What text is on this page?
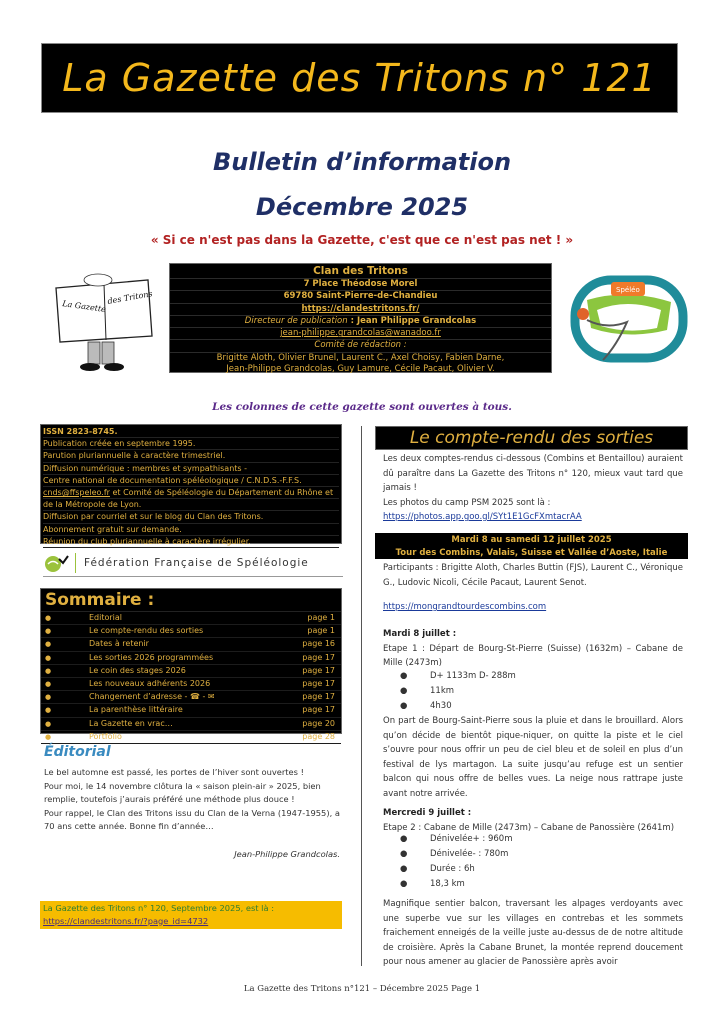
La Gazette des Tritons n° 121
Bulletin d’information
Décembre 2025
« Si ce n'est pas dans la Gazette, c'est que ce n'est pas net ! »
La Gazette
des Tritons
Clan des Tritons
7 Place Théodose Morel
69780 Saint-Pierre-de-Chandieu
https://clandestritons.fr/
Directeur de publication : Jean Philippe Grandcolas
jean-philippe.grandcolas@wanadoo.fr
Comité de rédaction :
Brigitte Aloth, Olivier Brunel, Laurent C., Axel Choisy, Fabien Darne,
Jean-Philippe Grandcolas, Guy Lamure, Cécile Pacaut, Olivier V.
Spéléo
Les colonnes de cette gazette sont ouvertes à tous.
ISSN 2823-8745.
Publication créée en septembre 1995.
Parution pluriannuelle à caractère trimestriel.
Diffusion numérique : membres et sympathisants -
Centre national de documentation spéléologique / C.N.D.S.-F.F.S.
cnds@ffspeleo.fr et Comité de Spéléologie du Département du Rhône et
de la Métropole de Lyon.
Diffusion par courriel et sur le blog du Clan des Tritons.
Abonnement gratuit sur demande.
Réunion du club pluriannuelle à caractère irrégulier.
Fédération Française de Spéléologie
Sommaire :
●	Editorial	page 1
●	Le compte-rendu des sorties	page 1
●	Dates à retenir	page 16
●	Les sorties 2026 programmées	page 17
●	Le coin des stages 2026	page 17
●	Les nouveaux adhérents 2026	page 17
●	Changement d’adresse - ☎ - ✉	page 17
●	La parenthèse littéraire	page 17
●	La Gazette en vrac…	page 20
●	Portfolio	page 28
Éditorial
Le bel automne est passé, les portes de l’hiver sont ouvertes !
Pour moi, le 14 novembre clôtura la « saison plein-air » 2025, bien remplie, toutefois j’aurais préféré une méthode plus douce !
Pour rappel, le Clan des Tritons issu du Clan de la Verna (1947-1955), a 70 ans cette année. Bonne fin d’année…
Jean-Philippe Grandcolas.
La Gazette des Tritons n° 120, Septembre 2025, est là :
https://clandestritons.fr/?page_id=4732
Le compte-rendu des sorties
Les deux comptes-rendus ci-dessous (Combins et Bentaillou) auraient dû paraître dans La Gazette des Tritons n° 120, mieux vaut tard que jamais !
Les photos du camp PSM 2025 sont là :
https://photos.app.goo.gl/SYt1E1GcFXmtacrAA
Mardi 8 au samedi 12 juillet 2025
Tour des Combins, Valais, Suisse et Vallée d’Aoste, Italie
Participants : Brigitte Aloth, Charles Buttin (FJS), Laurent C., Véronique G., Ludovic Nicoli, Cécile Pacaut, Laurent Senot.
https://mongrandtourdescombins.com
Mardi 8 juillet :
Etape 1 : Départ de Bourg-St-Pierre (Suisse) (1632m) – Cabane de Mille (2473m)
●	D+ 1133m D- 288m
●	11km
●	4h30
On part de Bourg-Saint-Pierre sous la pluie et dans le brouillard. Alors qu’on décide de bientôt pique-niquer, on quitte la piste et le ciel s’ouvre pour nous offrir un peu de ciel bleu et de soleil en plus d’un festival de lys martagon. La suite jusqu’au refuge est un sentier balcon qui nous offre de belles vues. La neige nous rattrape juste avant notre arrivée.
Mercredi 9 juillet :
Etape 2 : Cabane de Mille (2473m) – Cabane de Panossière (2641m)
●	Dénivelée+ : 960m
●	Dénivelée- : 780m
●	Durée : 6h
●	18,3 km
Magnifique sentier balcon, traversant les alpages verdoyants avec une superbe vue sur les villages en contrebas et les sommets fraichement enneigés de la veille juste au-dessus de de notre altitude de croisière. Après la Cabane Brunet, la montée reprend doucement pour nous amener au glacier de Panossière après avoir
La Gazette des Tritons n°121 – Décembre 2025 Page 1
